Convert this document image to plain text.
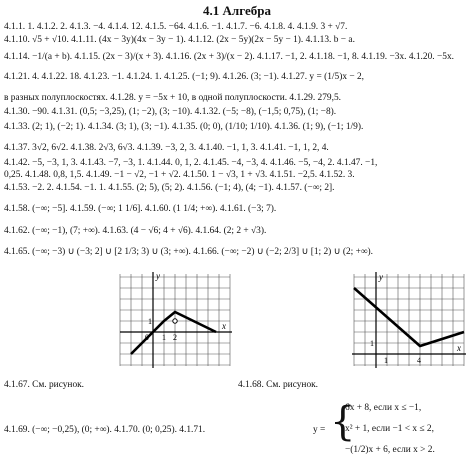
4.1 Алгебра
4.1.1. 1. 4.1.2. 2. 4.1.3. −4. 4.1.4. 12. 4.1.5. −64. 4.1.6. −1. 4.1.7. −6. 4.1.8. 4. 4.1.9. 3 + √7.
4.1.10. √5 + √10. 4.1.11. (4x − 3y)(4x − 3y − 1). 4.1.12. (2x − 5y)(2x − 5y − 1). 4.1.13. b − a.
4.1.14. −1/(a + b). 4.1.15. (2x − 3)/(x + 3). 4.1.16. (2x + 3)/(x − 2). 4.1.17. −1, 2. 4.1.18. −1, 8. 4.1.19. −3x. 4.1.20. −5x.
4.1.21. 4. 4.1.22. 18. 4.1.23. −1. 4.1.24. 1. 4.1.25. (−1; 9). 4.1.26. (3; −1). 4.1.27. y = (1/5)x − 2,
в разных полуплоскостях. 4.1.28. y = −5x + 10, в одной полуплоскости. 4.1.29. 279,5.
4.1.30. −90. 4.1.31. (0,5; −3,25), (1; −2), (3; −10). 4.1.32. (−5; −8), (−1,5; 0,75), (1; −8).
4.1.33. (2; 1), (−2; 1). 4.1.34. (3; 1), (3; −1). 4.1.35. (0; 0), (1/10; 1/10). 4.1.36. (1; 9), (−1; 1/9).
4.1.37. 3√2, 6√2. 4.1.38. 2√3, 6√3. 4.1.39. −3, 2, 3. 4.1.40. −1, 1, 3. 4.1.41. −1, 1, 2, 4.
4.1.42. −5, −3, 1, 3. 4.1.43. −7, −3, 1. 4.1.44. 0, 1, 2. 4.1.45. −4, −3, 4. 4.1.46. −5, −4, 2. 4.1.47. −1,
0,25. 4.1.48. 0,8, 1,5. 4.1.49. −1 − √2, −1 + √2. 4.1.50. 1 − √3, 1 + √3. 4.1.51. −2,5. 4.1.52. 3.
4.1.53. −2. 2. 4.1.54. −1. 1. 4.1.55. (2; 5), (5; 2). 4.1.56. (−1; 4), (4; −1). 4.1.57. (−∞; 2].
4.1.58. (−∞; −5]. 4.1.59. (−∞; 1 1/6]. 4.1.60. (1 1/4; +∞). 4.1.61. (−3; 7).
4.1.62. (−∞; −1), (7; +∞). 4.1.63. (4 − √6; 4 + √6). 4.1.64. (2; 2 + √3).
4.1.65. (−∞; −3) ∪ (−3; 2] ∪ [2 1/3; 3) ∪ (3; +∞). 4.1.66. (−∞; −2) ∪ (−2; 2/3] ∪ [1; 2) ∪ (2; +∞).
y
x
1
0 1 2
y
x
1
1	4
4.1.67. См. рисунок.	4.1.68. См. рисунок.
4.1.69. (−∞; −0,25), (0; +∞). 4.1.70. (0; 0,25). 4.1.71.	y = {
6x + 8, если x ≤ −1,
x² + 1, если −1 < x ≤ 2,
−(1/2)x + 6, если x > 2.
